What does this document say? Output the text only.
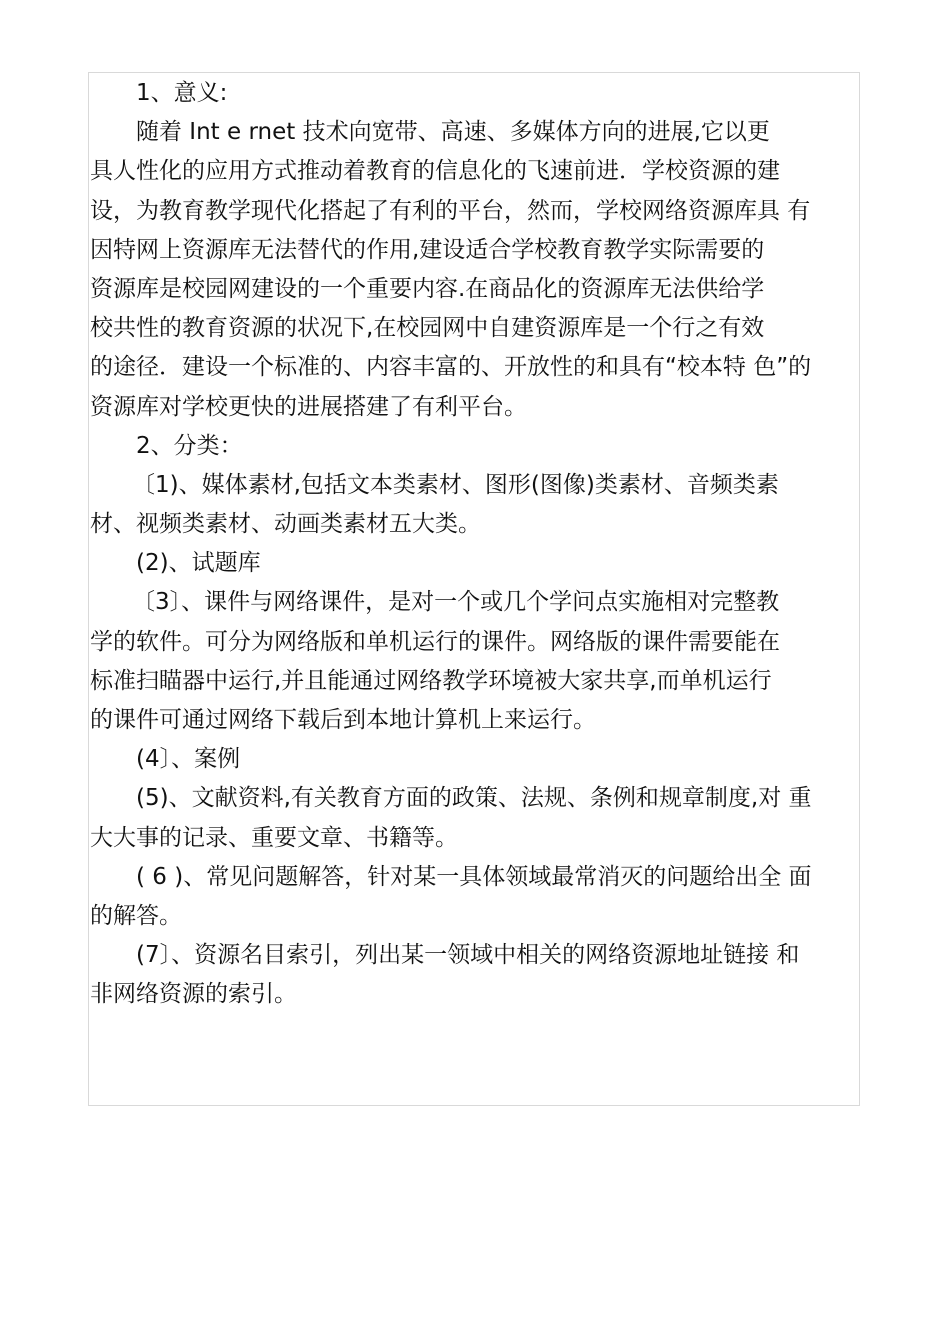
1、意义:
随着 Int e rnet 技术向宽带、高速、多媒体方向的进展,它以更
具人性化的应用方式推动着教育的信息化的飞速前进．学校资源的建
设，为教育教学现代化搭起了有利的平台，然而，学校网络资源库具 有
因特网上资源库无法替代的作用,建设适合学校教育教学实际需要的
资源库是校园网建设的一个重要内容.在商品化的资源库无法供给学
校共性的教育资源的状况下,在校园网中自建资源库是一个行之有效
的途径．建设一个标准的、内容丰富的、开放性的和具有“校本特 色”的
资源库对学校更快的进展搭建了有利平台。
2、分类：
〔1)、媒体素材,包括文本类素材、图形(图像)类素材、音频类素
材、视频类素材、动画类素材五大类。
(2)、试题库
〔3〕、课件与网络课件，是对一个或几个学问点实施相对完整教
学的软件。可分为网络版和单机运行的课件。网络版的课件需要能在
标准扫瞄器中运行,并且能通过网络教学环境被大家共享,而单机运行
的课件可通过网络下载后到本地计算机上来运行。
(4〕、案例
(5)、文献资料,有关教育方面的政策、法规、条例和规章制度,对 重
大大事的记录、重要文章、书籍等。
( 6 )、常见问题解答，针对某一具体领域最常消灭的问题给出全 面
的解答。
(7〕、资源名目索引，列出某一领域中相关的网络资源地址链接 和
非网络资源的索引。
